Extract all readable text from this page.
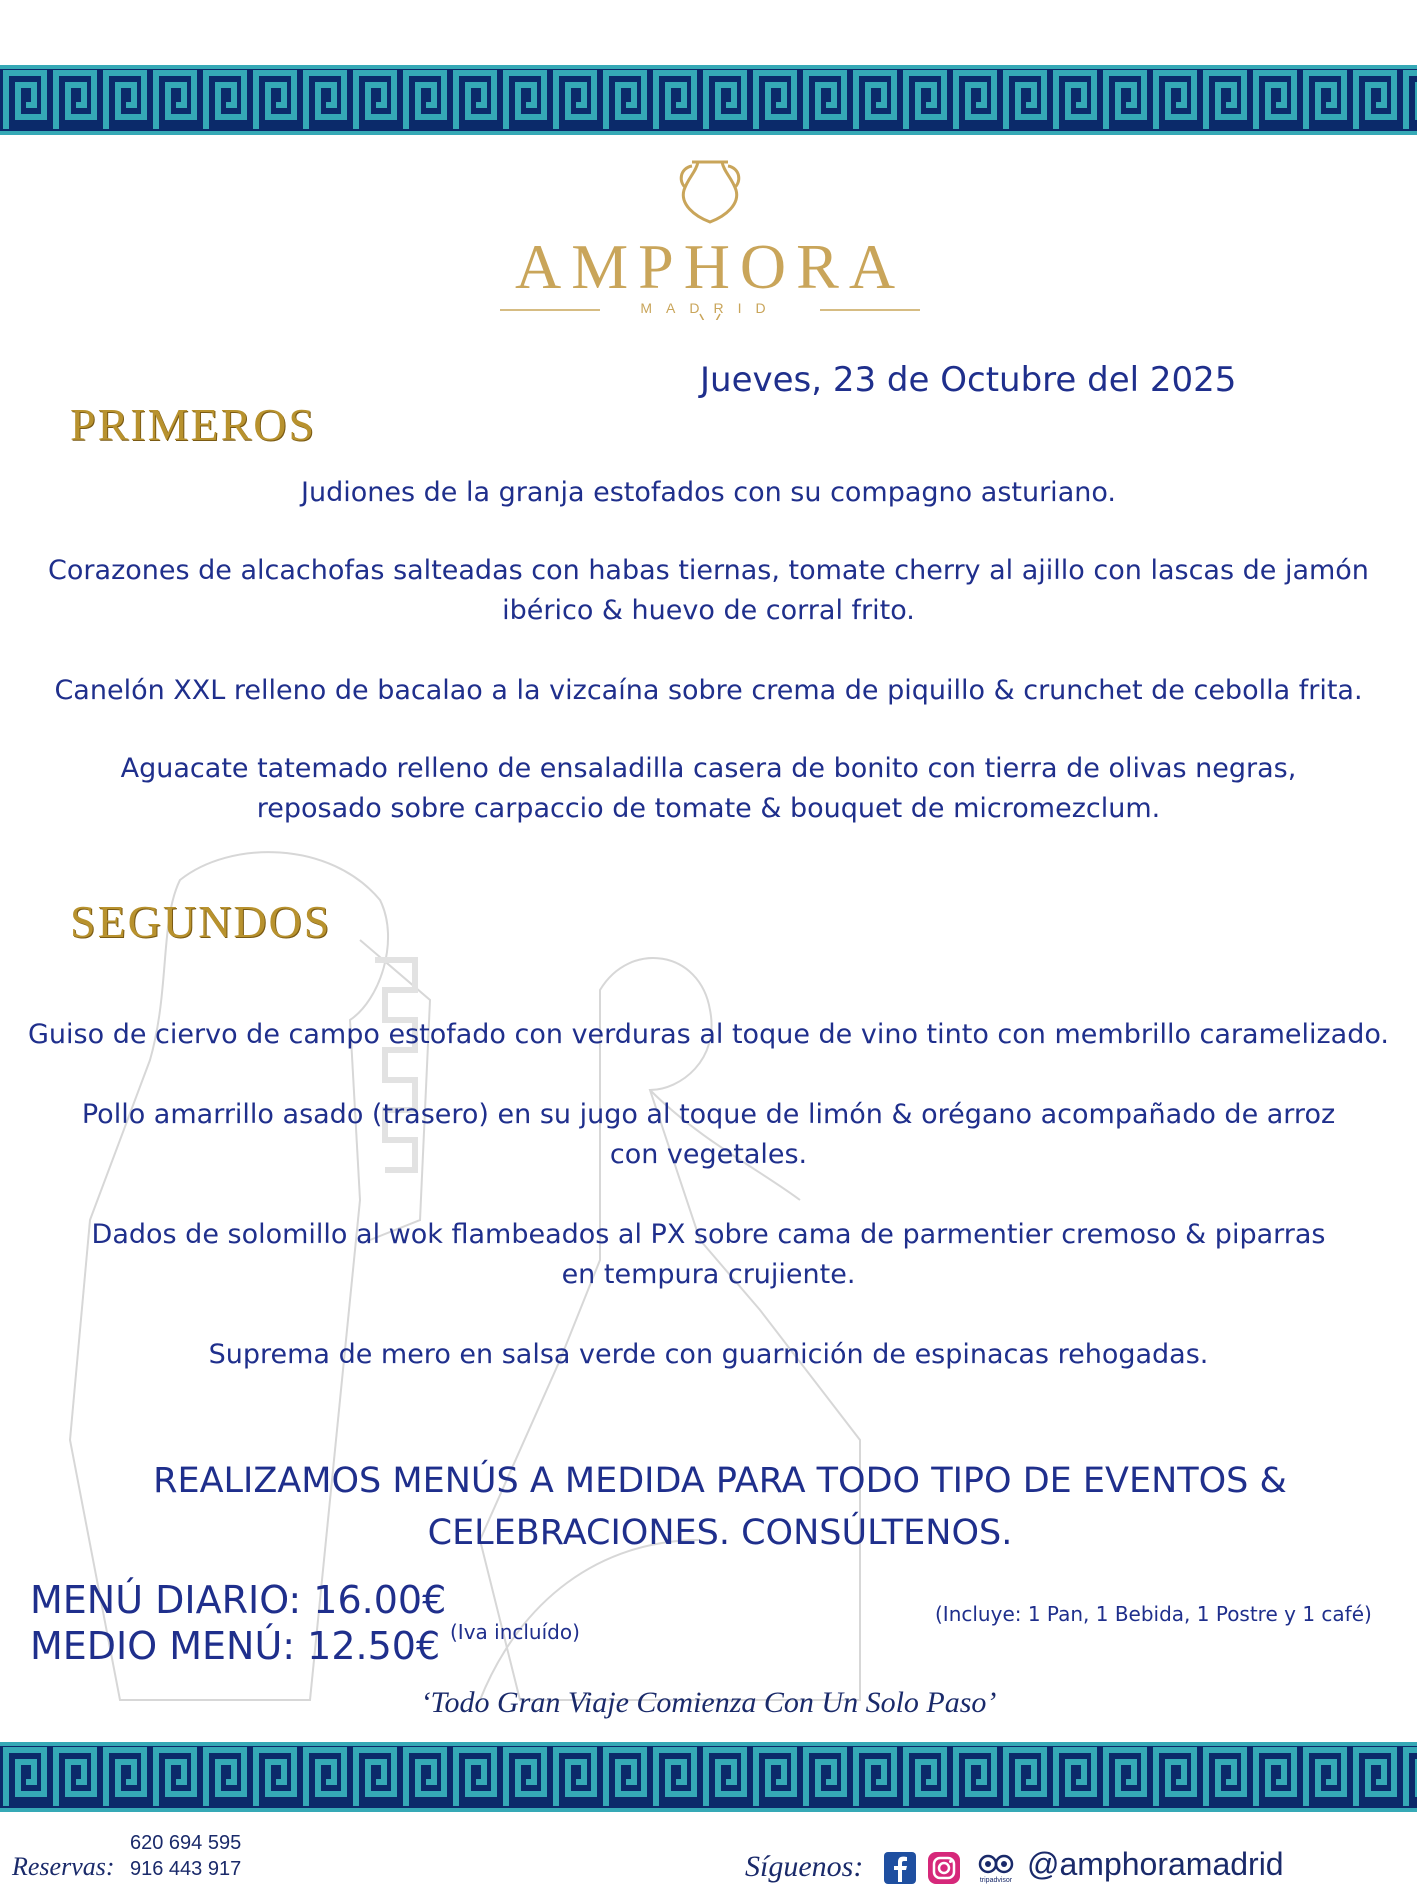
AMPHORA
MADRID
Jueves, 23 de Octubre del 2025
PRIMEROS
Judiones de la granja estofados con su compagno asturiano.
Corazones de alcachofas salteadas con habas tiernas, tomate cherry al ajillo con lascas de jamón
ibérico & huevo de corral frito.
Canelón XXL relleno de bacalao a la vizcaína sobre crema de piquillo & crunchet de cebolla frita.
Aguacate tatemado relleno de ensaladilla casera de bonito con tierra de olivas negras,
reposado sobre carpaccio de tomate & bouquet de micromezclum.
SEGUNDOS
Guiso de ciervo de campo estofado con verduras al toque de vino tinto con membrillo caramelizado.
Pollo amarrillo asado (trasero) en su jugo al toque de limón & orégano acompañado de arroz
con vegetales.
Dados de solomillo al wok flambeados al PX sobre cama de parmentier cremoso & piparras
en tempura crujiente.
Suprema de mero en salsa verde con guarnición de espinacas rehogadas.
REALIZAMOS MENÚS A MEDIDA PARA TODO TIPO DE EVENTOS &
CELEBRACIONES. CONSÚLTENOS.
MENÚ DIARIO: 16.00€
MEDIO MENÚ: 12.50€ (Iva incluído)
(Incluye: 1 Pan, 1 Bebida, 1 Postre y 1 café)
‘Todo Gran Viaje Comienza Con Un Solo Paso’
Reservas:
620 694 595
916 443 917	Síguenos:	tripadvisor @amphoramadrid
